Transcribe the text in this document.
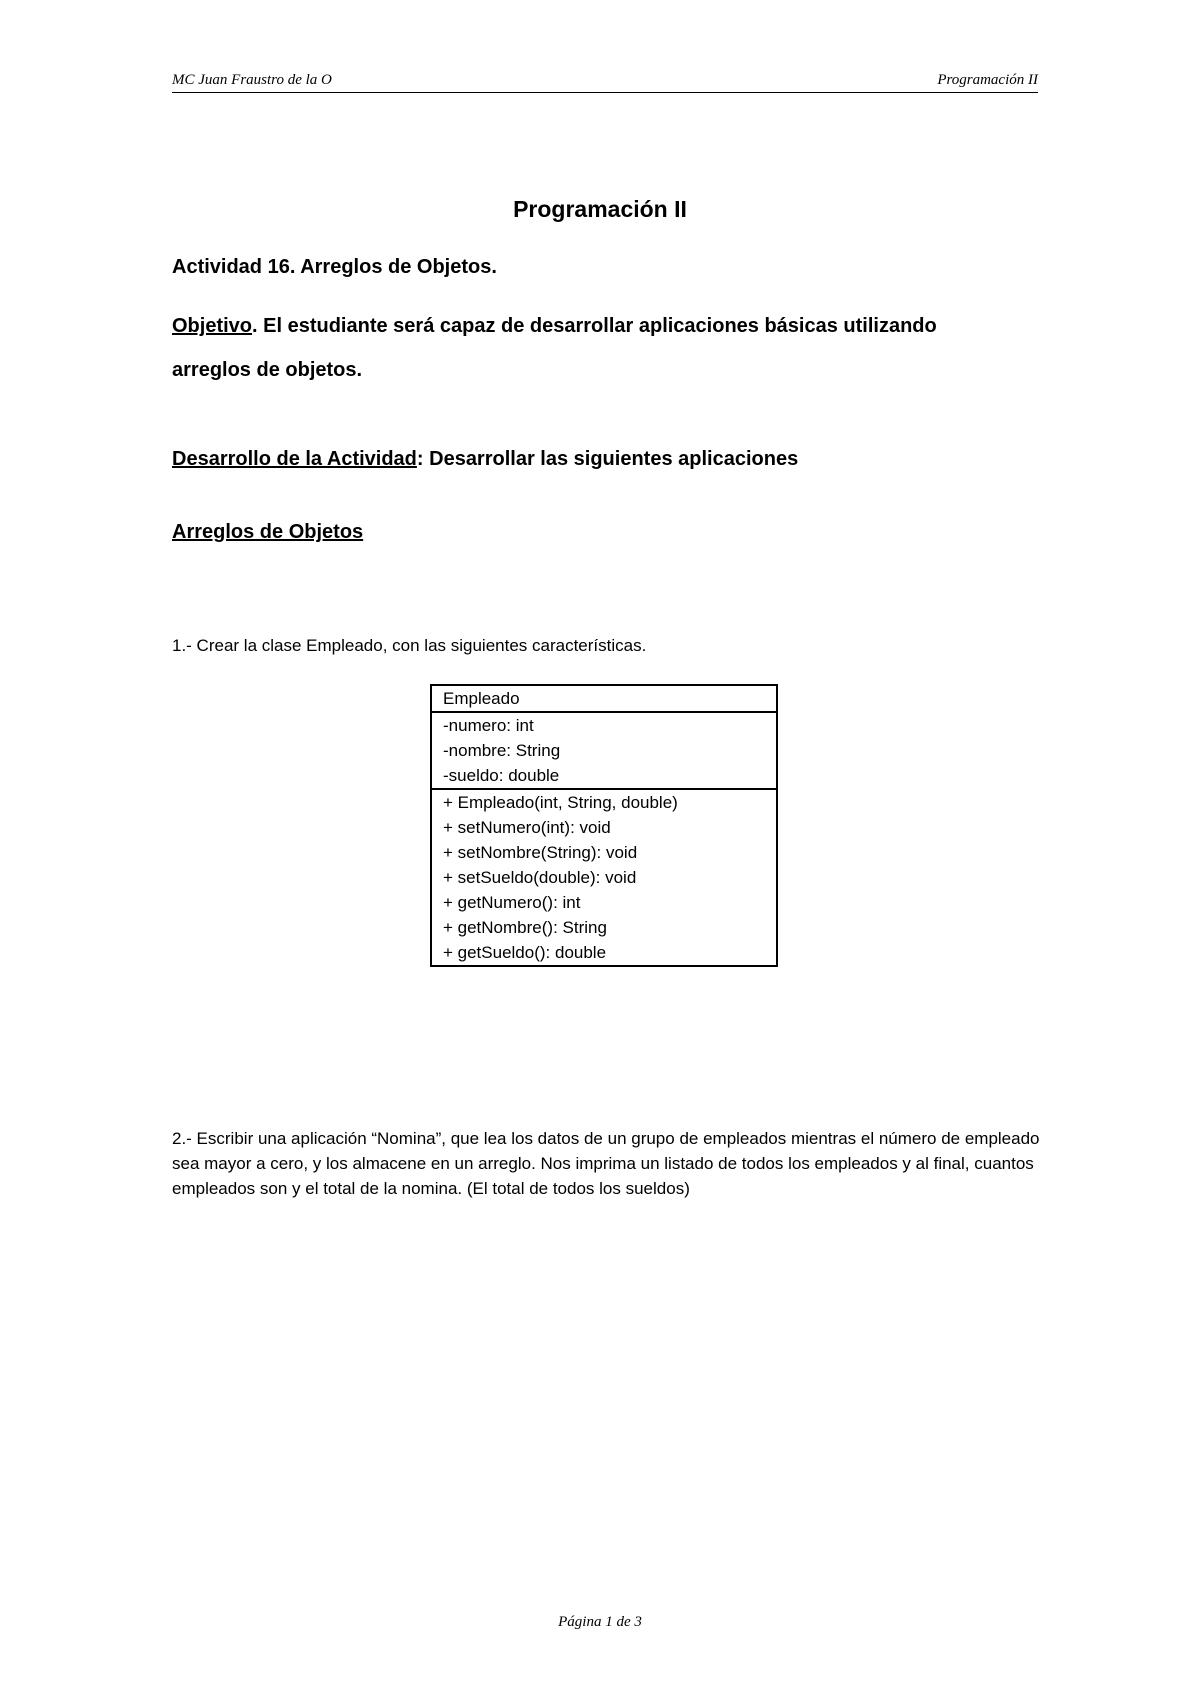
MC Juan Fraustro de la O	Programación II
Programación II
Actividad 16. Arreglos de Objetos.
Objetivo. El estudiante será capaz de desarrollar aplicaciones básicas utilizando
arreglos de objetos.
Desarrollo de la Actividad: Desarrollar las siguientes aplicaciones
Arreglos de Objetos
1.- Crear la clase Empleado, con las siguientes características.
Empleado
-numero: int
-nombre: String
-sueldo: double
+ Empleado(int, String, double)
+ setNumero(int): void
+ setNombre(String): void
+ setSueldo(double): void
+ getNumero(): int
+ getNombre(): String
+ getSueldo(): double
2.- Escribir una aplicación “Nomina”, que lea los datos de un grupo de empleados mientras el número de empleado sea mayor a cero, y los almacene en un arreglo. Nos imprima un listado de todos los empleados y al final, cuantos empleados son y el total de la nomina. (El total de todos los sueldos)
Página 1 de 3
